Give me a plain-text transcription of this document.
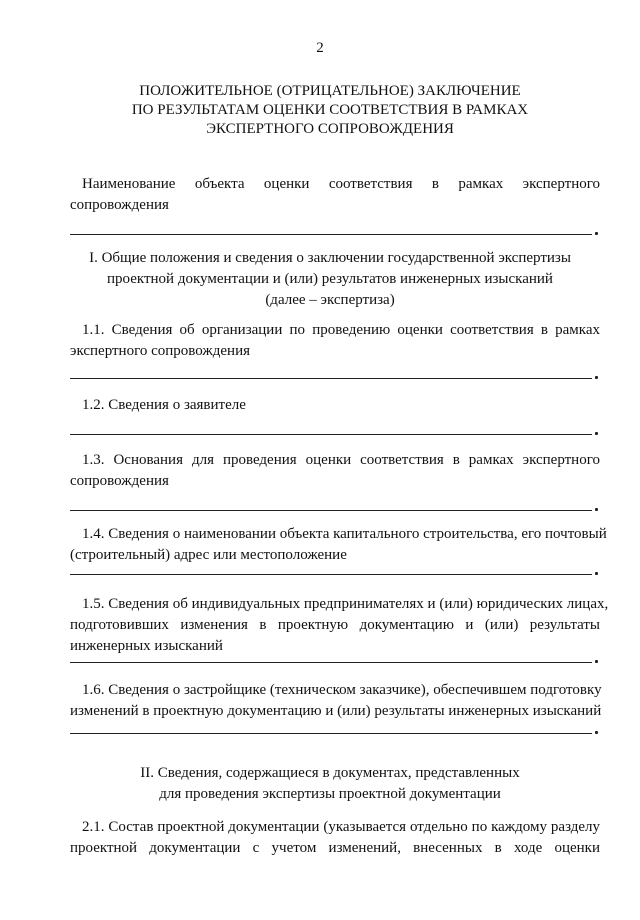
2
ПОЛОЖИТЕЛЬНОЕ (ОТРИЦАТЕЛЬНОЕ) ЗАКЛЮЧЕНИЕ
ПО РЕЗУЛЬТАТАМ ОЦЕНКИ СООТВЕТСТВИЯ В РАМКАХ
ЭКСПЕРТНОГО СОПРОВОЖДЕНИЯ
Наименование объекта оценки соответствия в рамках экспертного
сопровождения
I. Общие положения и сведения о заключении государственной экспертизы
проектной документации и (или) результатов инженерных изысканий
(далее – экспертиза)
1.1. Сведения об организации по проведению оценки соответствия в рамках
экспертного сопровождения
1.2. Сведения о заявителе
1.3. Основания для проведения оценки соответствия в рамках экспертного
сопровождения
1.4. Сведения о наименовании объекта капитального строительства, его почтовый
(строительный) адрес или местоположение
1.5. Сведения об индивидуальных предпринимателях и (или) юридических лицах,
подготовивших изменения в проектную документацию и (или) результаты
инженерных изысканий
1.6. Сведения о застройщике (техническом заказчике), обеспечившем подготовку
изменений в проектную документацию и (или) результаты инженерных изысканий
II. Сведения, содержащиеся в документах, представленных
для проведения экспертизы проектной документации
2.1. Состав проектной документации (указывается отдельно по каждому разделу
проектной документации с учетом изменений, внесенных в ходе оценки
